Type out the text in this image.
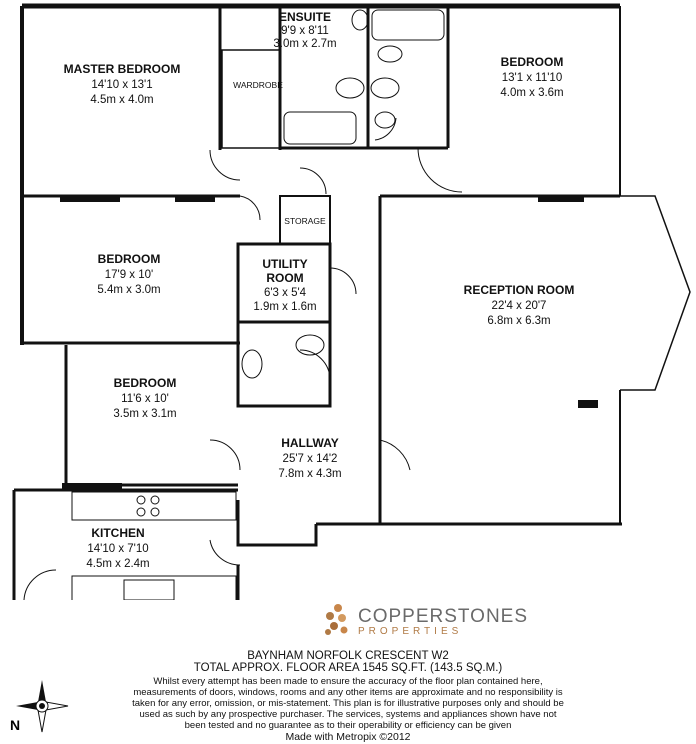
ENSUITE
9'9 x 8'11
3.0m x 2.7m
MASTER BEDROOM
14'10 x 13'1
4.5m x 4.0m
WARDROBE
BEDROOM
13'1 x 11'10
4.0m x 3.6m
STORAGE
BEDROOM
17'9 x 10'
5.4m x 3.0m
UTILITY
ROOM
6'3 x 5'4
1.9m x 1.6m
RECEPTION ROOM
22'4 x 20'7
6.8m x 6.3m
BEDROOM
11'6 x 10'
3.5m x 3.1m
HALLWAY
25'7 x 14'2
7.8m x 4.3m
KITCHEN
14'10 x 7'10
4.5m x 2.4m
COPPERSTONES
PROPERTIES
BAYNHAM NORFOLK CRESCENT W2
TOTAL APPROX. FLOOR AREA 1545 SQ.FT. (143.5 SQ.M.)
Whilst every attempt has been made to ensure the accuracy of the floor plan contained here, measurements of doors, windows, rooms and any other items are approximate and no responsibility is taken for any error, omission, or mis-statement. This plan is for illustrative purposes only and should be used as such by any prospective purchaser. The services, systems and appliances shown have not been tested and no guarantee as to their operability or efficiency can be given
Made with Metropix ©2012
N
